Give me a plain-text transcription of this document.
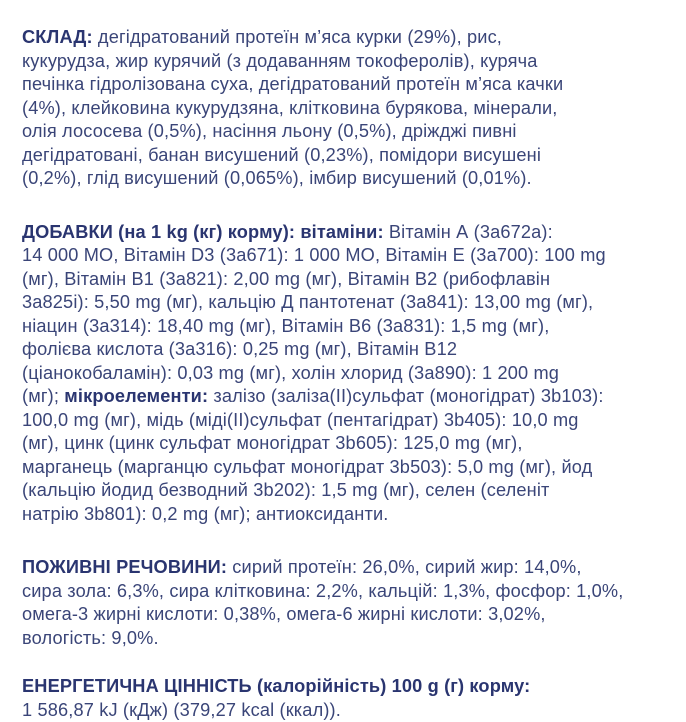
СКЛАД: дегідратований протеїн м’яса курки (29%), рис,
кукурудза, жир курячий (з додаванням токоферолів), куряча
печінка гідролізована суха, дегідратований протеїн м’яса качки
(4%), клейковина кукурудзяна, клітковина бурякова, мінерали,
олія лососева (0,5%), насіння льону (0,5%), дріжджі пивні
дегідратовані, банан висушений (0,23%), помідори висушені
(0,2%), глід висушений (0,065%), імбир висушений (0,01%).

ДОБАВКИ (на 1 kg (кг) корму): вітаміни: Вітамін А (3а672а):
14 000 МО, Вітамін D3 (3а671): 1 000 МО, Вітамін Е (3а700): 100 mg
(мг), Вітамін В1 (3а821): 2,00 mg (мг), Вітамін В2 (рибофлавін
3а825і): 5,50 mg (мг), кальцію Д пантотенат (3а841): 13,00 mg (мг),
ніацин (3а314): 18,40 mg (мг), Вітамін В6 (3а831): 1,5 mg (мг),
фолієва кислота (3а316): 0,25 mg (мг), Вітамін В12
(ціанокобаламін): 0,03 mg (мг), холін хлорид (3а890): 1 200 mg
(мг); мікроелементи: залізо (заліза(ІІ)сульфат (моногідрат) 3b103):
100,0 mg (мг), мідь (міді(ІІ)сульфат (пентагідрат) 3b405): 10,0 mg
(мг), цинк (цинк сульфат моногідрат 3b605): 125,0 mg (мг),
марганець (марганцю сульфат моногідрат 3b503): 5,0 mg (мг), йод
(кальцію йодид безводний 3b202): 1,5 mg (мг), селен (селеніт
натрію 3b801): 0,2 mg (мг); антиоксиданти.

ПОЖИВНІ РЕЧОВИНИ: сирий протеїн: 26,0%, сирий жир: 14,0%,
сира зола: 6,3%, сира клітковина: 2,2%, кальцій: 1,3%, фосфор: 1,0%,
омега-3 жирні кислоти: 0,38%, омега-6 жирні кислоти: 3,02%,
вологість: 9,0%.

ЕНЕРГЕТИЧНА ЦІННІСТЬ (калорійність) 100 g (г) корму:
1 586,87 kJ (кДж) (379,27 kcal (ккал)).
